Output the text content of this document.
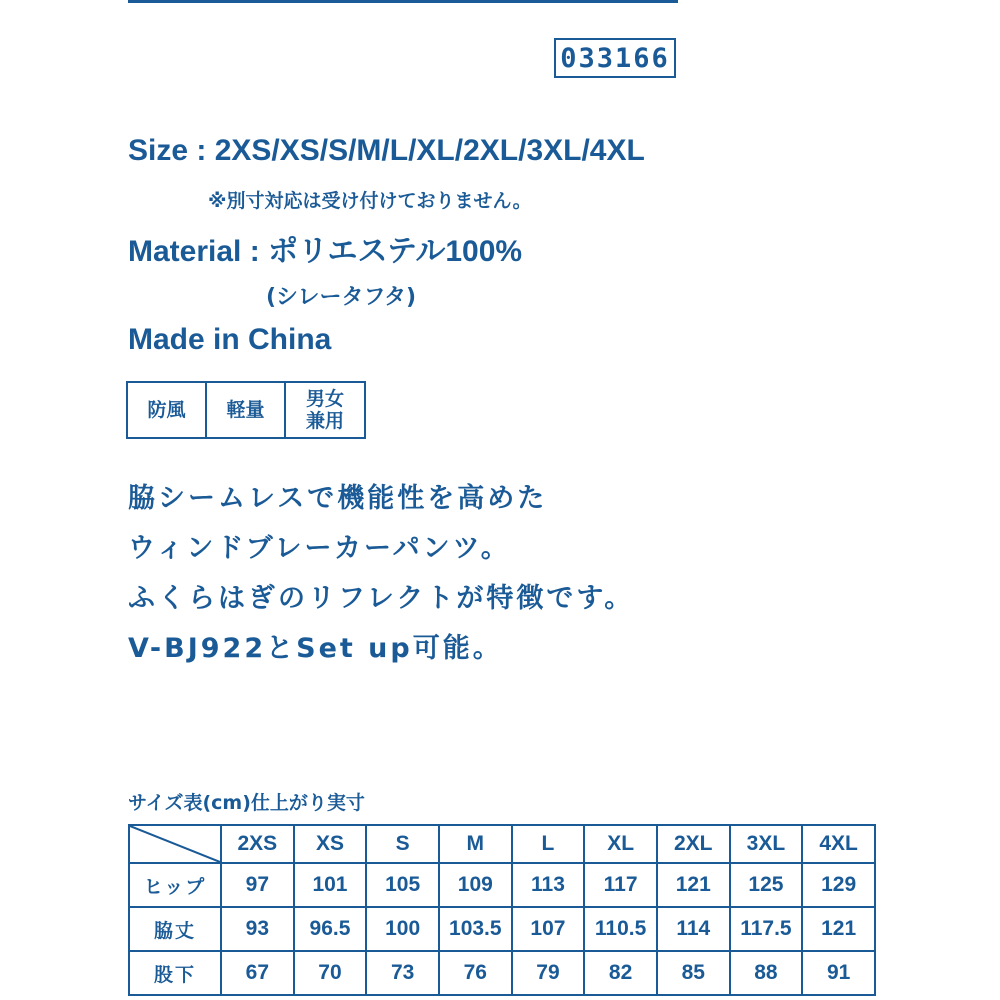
033166
Size : 2XS/XS/S/M/L/XL/2XL/3XL/4XL
※別寸対応は受け付けておりません。
Material : ポリエステル100%
(シレータフタ)
Made in China
防風	軽量	男女
兼用
脇シームレスで機能性を高めた
ウィンドブレーカーパンツ。
ふくらはぎのリフレクトが特徴です。
V-BJ922とSet up可能。
サイズ表(cm)仕上がり実寸
	2XS	XS	S	M	L	XL	2XL	3XL	4XL
ヒップ	97	101	105	109	113	117	121	125	129
脇丈	93	96.5	100	103.5	107	110.5	114	117.5	121
股下	67	70	73	76	79	82	85	88	91
